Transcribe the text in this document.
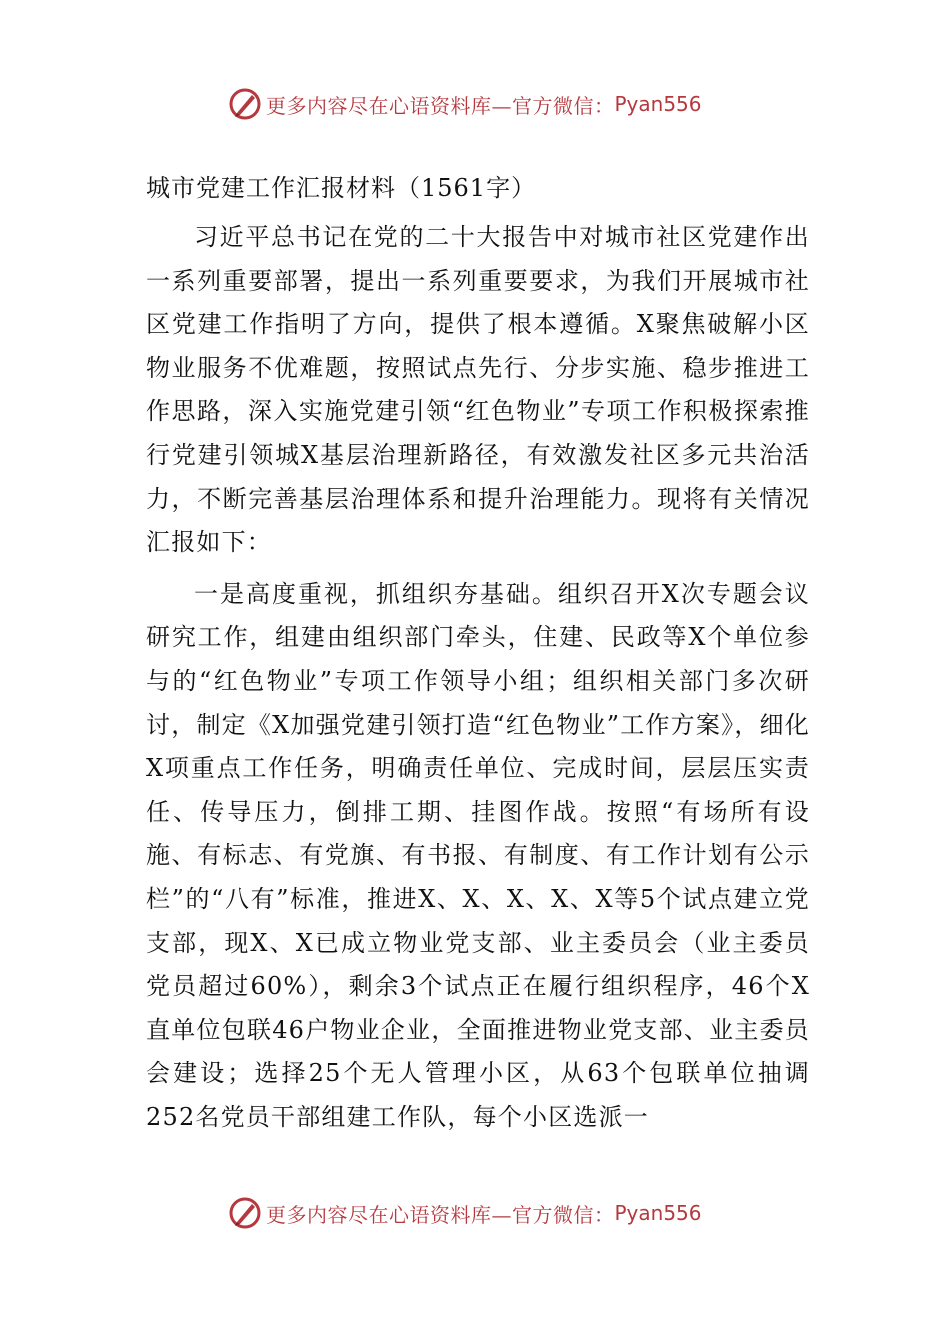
更多内容尽在心语资料库—官方微信： Pyan556
城市党建工作汇报材料（1561字）

习近平总书记在党的二十大报告中对城市社区党建作出一系列重要部署，提出一系列重要要求，为我们开展城市社区党建工作指明了方向，提供了根本遵循。X聚焦破解小区物业服务不优难题，按照试点先行、分步实施、稳步推进工作思路，深入实施党建引领“红色物业”专项工作积极探索推行党建引领城X基层治理新路径，有效激发社区多元共治活力，不断完善基层治理体系和提升治理能力。现将有关情况汇报如下：

一是高度重视，抓组织夯基础。组织召开X次专题会议研究工作，组建由组织部门牵头，住建、民政等X个单位参与的“红色物业”专项工作领导小组；组织相关部门多次研讨，制定《X加强党建引领打造“红色物业”工作方案》，细化X项重点工作任务，明确责任单位、完成时间，层层压实责任、传导压力，倒排工期、挂图作战。按照“有场所有设施、有标志、有党旗、有书报、有制度、有工作计划有公示栏”的“八有”标准，推进X、X、X、X、X等5个试点建立党支部，现X、X已成立物业党支部、业主委员会（业主委员党员超过60%），剩余3个试点正在履行组织程序，46个X直单位包联46户物业企业，全面推进物业党支部、业主委员会建设；选择25个无人管理小区，从63个包联单位抽调252名党员干部组建工作队，每个小区选派一

更多内容尽在心语资料库—官方微信： Pyan556
